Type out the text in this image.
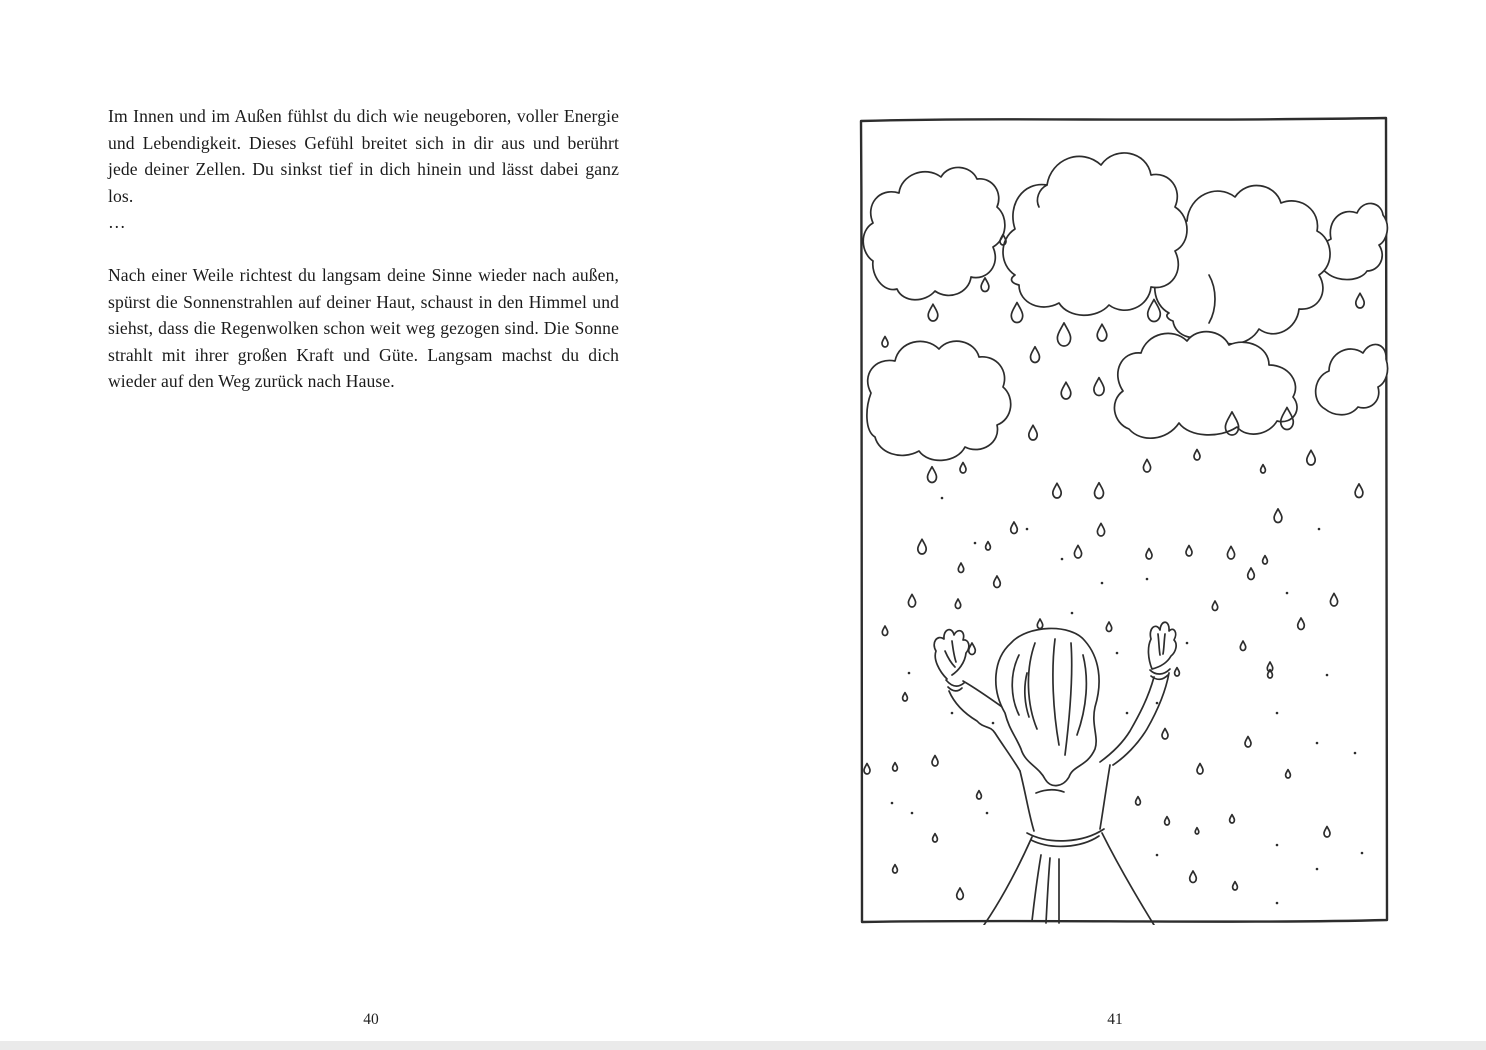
Im Innen und im Außen fühlst du dich wie neugeboren, voller Energie und Lebendigkeit. Dieses Gefühl breitet sich in dir aus und berührt jede deiner Zellen. Du sinkst tief in dich hinein und lässt dabei ganz los.

…

Nach einer Weile richtest du langsam deine Sinne wieder nach außen, spürst die Sonnenstrahlen auf deiner Haut, schaust in den Himmel und siehst, dass die Regenwolken schon weit weg gezogen sind. Die Sonne strahlt mit ihrer großen Kraft und Güte. Langsam machst du dich wieder auf den Weg zurück nach Hause.

40	41
